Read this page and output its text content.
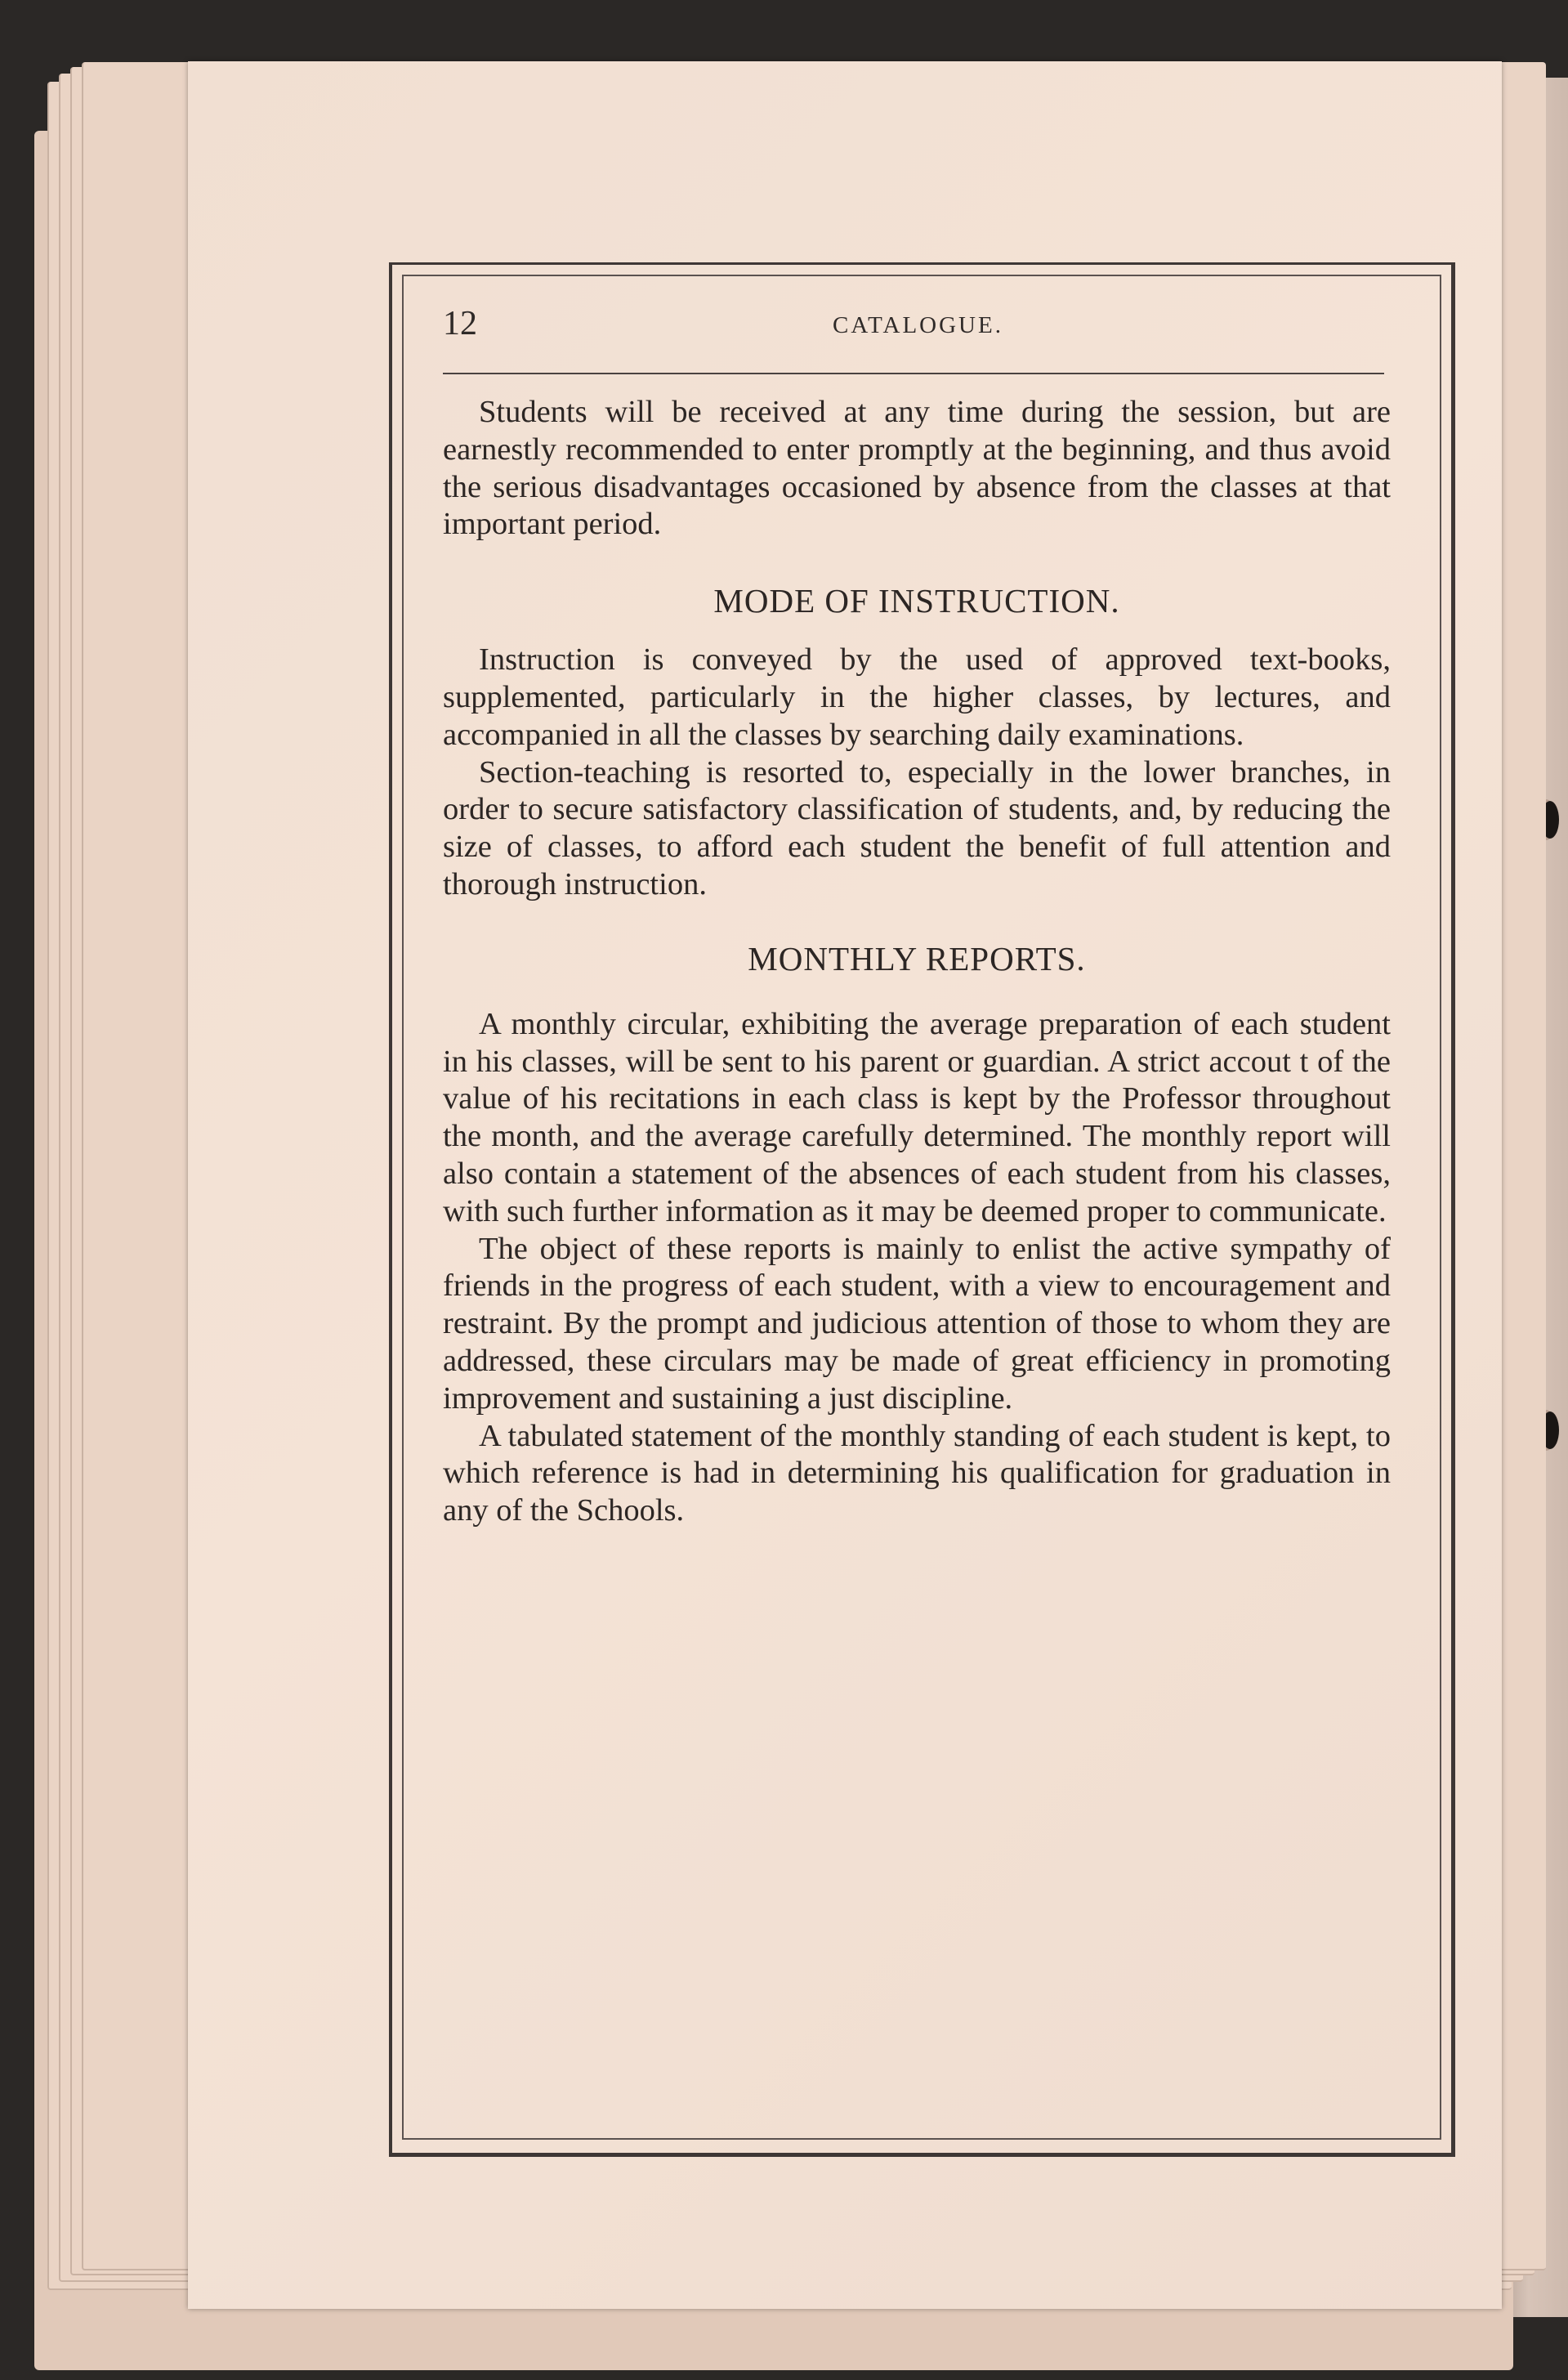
12	CATALOGUE.

Students will be received at any time during the session, but are earnestly recommended to enter promptly at the beginning, and thus avoid the serious disadvantages occasioned by absence from the classes at that important period.

MODE OF INSTRUCTION.

Instruction is conveyed by the used of approved text-books, supplemented, particularly in the higher classes, by lectures, and accompanied in all the classes by searching daily examinations.

Section-teaching is resorted to, especially in the lower branches, in order to secure satisfactory classification of students, and, by reducing the size of classes, to afford each student the benefit of full attention and thorough instruction.

MONTHLY REPORTS.

A monthly circular, exhibiting the average preparation of each student in his classes, will be sent to his parent or guardian. A strict accout t of the value of his recitations in each class is kept by the Professor throughout the month, and the average carefully determined. The monthly report will also contain a statement of the absences of each student from his classes, with such further information as it may be deemed proper to communicate.

The object of these reports is mainly to enlist the active sympathy of friends in the progress of each student, with a view to encouragement and restraint. By the prompt and judicious attention of those to whom they are addressed, these circulars may be made of great efficiency in promoting improvement and sustaining a just discipline.

A tabulated statement of the monthly standing of each student is kept, to which reference is had in determining his qualification for graduation in any of the Schools.
